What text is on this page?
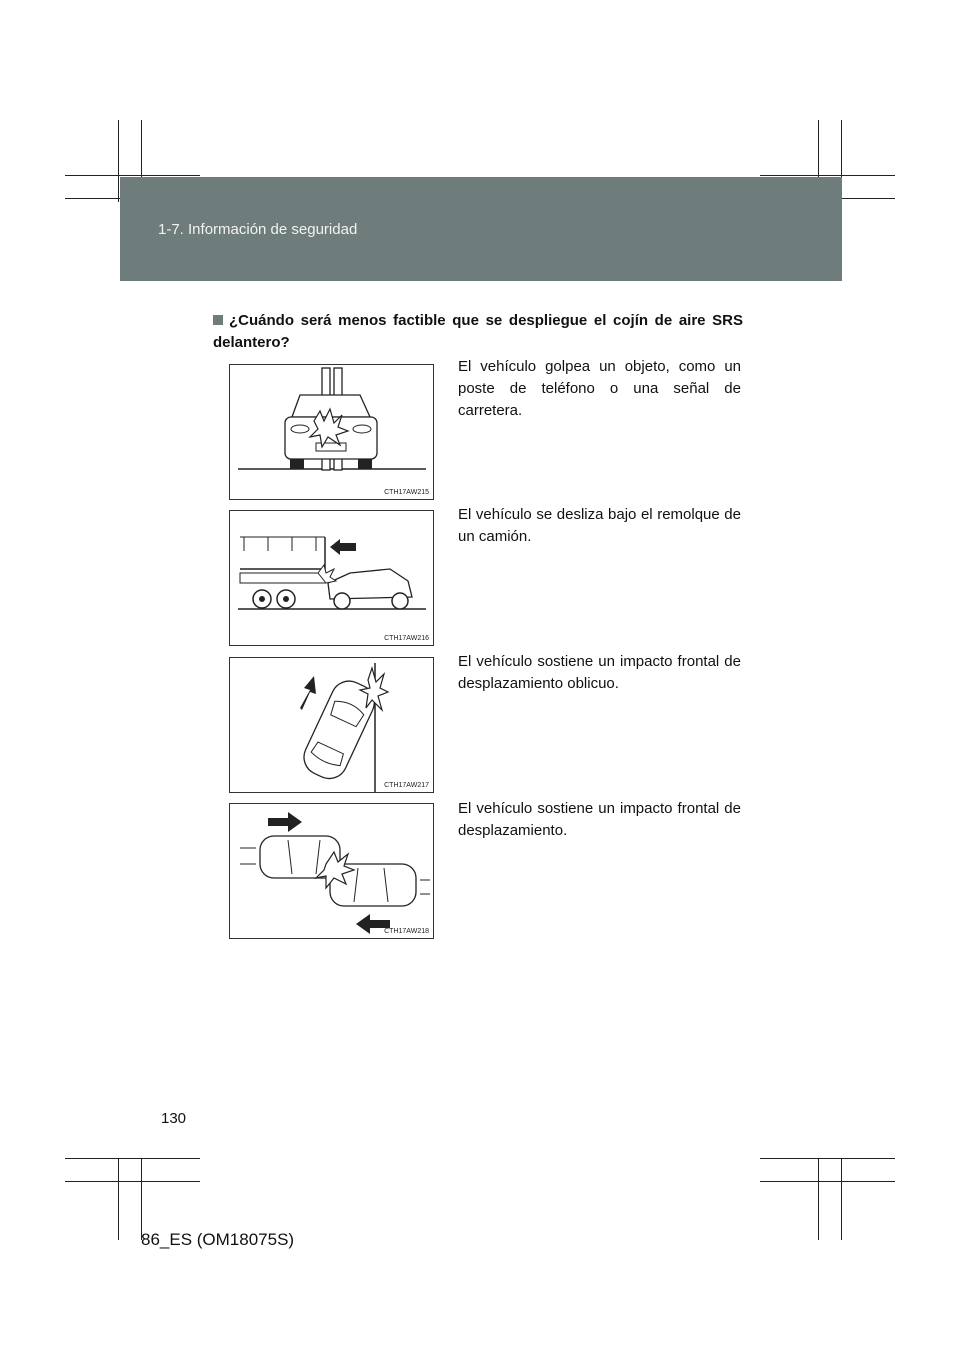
1-7. Información de seguridad
¿Cuándo será menos factible que se despliegue el cojín de aire SRS delantero?
CTH17AW215
El vehículo golpea un objeto, como un poste de teléfono o una señal de carretera.
CTH17AW216
El vehículo se desliza bajo el remolque de un camión.
CTH17AW217
El vehículo sostiene un impacto frontal de desplazamiento oblicuo.
CTH17AW218
El vehículo sostiene un impacto frontal de desplazamiento.
130
86_ES (OM18075S)
